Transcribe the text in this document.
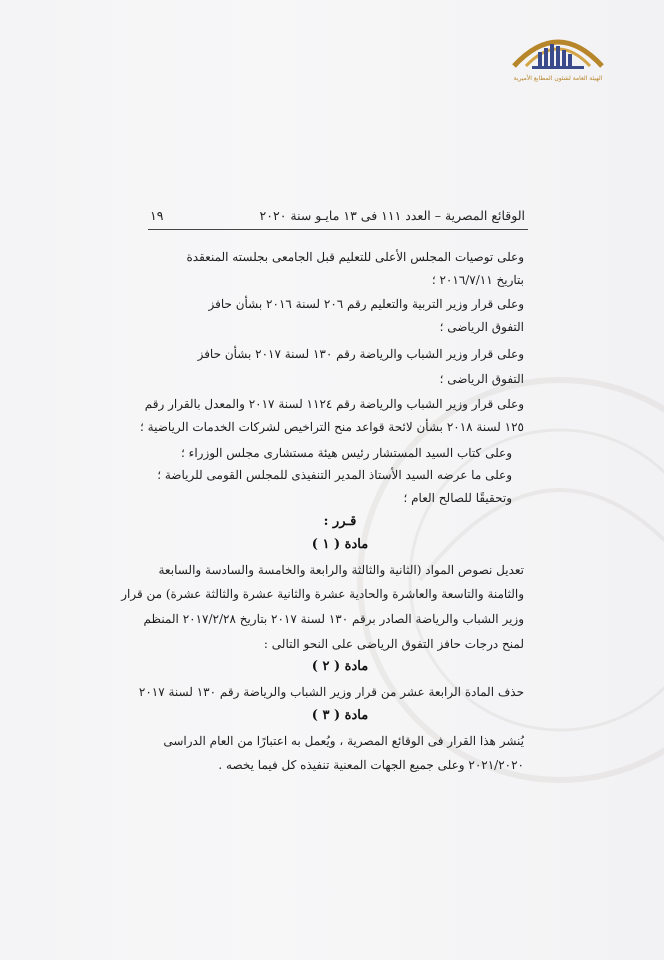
الهيئة العامة لشئون المطابع الأميرية
الوقائع المصرية – العدد ١١١ فى ١٣ مايـو سنة ٢٠٢٠
١٩
وعلى توصيات المجلس الأعلى للتعليم قبل الجامعى بجلسته المنعقدة
بتاريخ ٢٠١٦/٧/١١ ؛
وعلى قرار وزير التربية والتعليم رقم ٢٠٦ لسنة ٢٠١٦ بشأن حافز
التفوق الرياضى ؛
وعلى قرار وزير الشباب والرياضة رقم ١٣٠ لسنة ٢٠١٧ بشأن حافز
التفوق الرياضى ؛
وعلى قرار وزير الشباب والرياضة رقم ١١٢٤ لسنة ٢٠١٧ والمعدل بالقرار رقم
١٢٥ لسنة ٢٠١٨ بشأن لائحة قواعد منح التراخيص لشركات الخدمات الرياضية ؛
وعلى كتاب السيد المستشار رئيس هيئة مستشارى مجلس الوزراء ؛
وعلى ما عرضه السيد الأستاذ المدير التنفيذى للمجلس القومى للرياضة ؛
وتحقيقًا للصالح العام ؛
قـرر :
مادة ( ١ )
تعديل نصوص المواد (الثانية والثالثة والرابعة والخامسة والسادسة والسابعة
والثامنة والتاسعة والعاشرة والحادية عشرة والثانية عشرة والثالثة عشرة) من قرار
وزير الشباب والرياضة الصادر برقم ١٣٠ لسنة ٢٠١٧ بتاريخ ٢٠١٧/٢/٢٨ المنظم
لمنح درجات حافز التفوق الرياضى على النحو التالى :
مادة ( ٢ )
حذف المادة الرابعة عشر من قرار وزير الشباب والرياضة رقم ١٣٠ لسنة ٢٠١٧
مادة ( ٣ )
يُنشر هذا القرار فى الوقائع المصرية ، ويُعمل به اعتبارًا من العام الدراسى
٢٠٢١/٢٠٢٠ وعلى جميع الجهات المعنية تنفيذه كل فيما يخصه .
